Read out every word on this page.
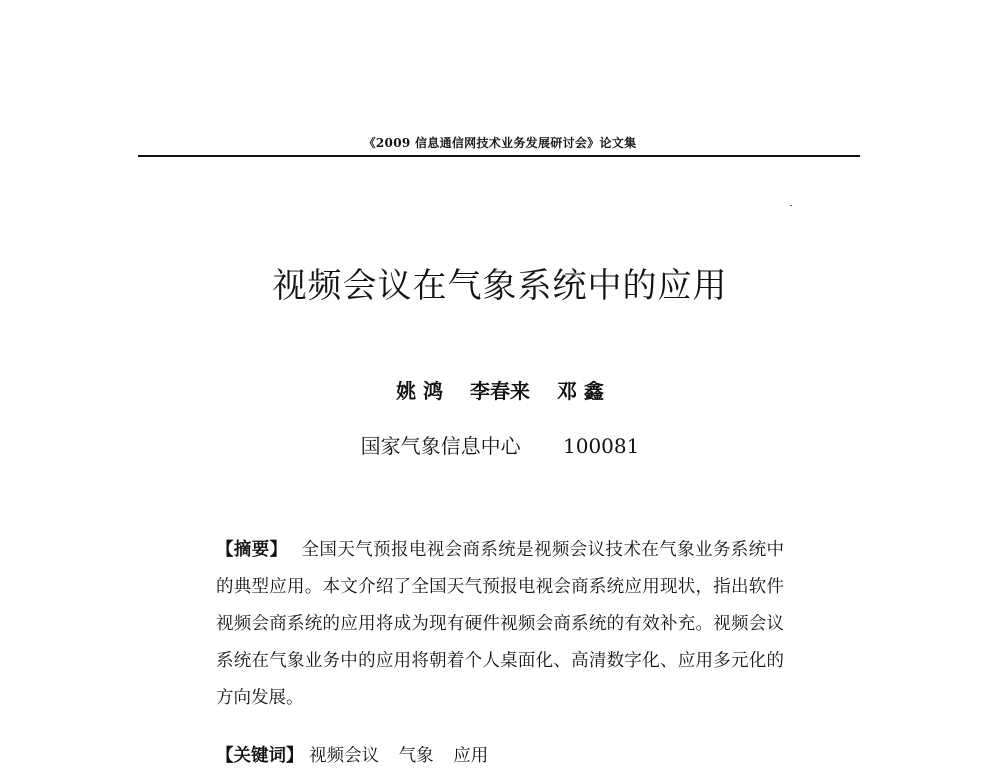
《2009 信息通信网技术业务发展研讨会》论文集
视频会议在气象系统中的应用
姚 鸿 李春来 邓 鑫
国家气象信息中心 100081
【摘要】 全国天气预报电视会商系统是视频会议技术在气象业务系统中的典型应用。本文介绍了全国天气预报电视会商系统应用现状，指出软件视频会商系统的应用将成为现有硬件视频会商系统的有效补充。视频会议系统在气象业务中的应用将朝着个人桌面化、高清数字化、应用多元化的方向发展。
【关键词】 视频会议 气象 应用
